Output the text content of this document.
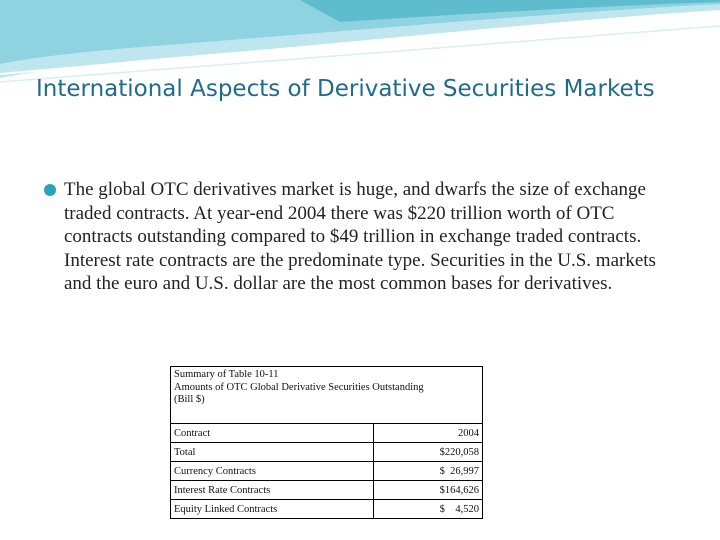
International Aspects of Derivative Securities Markets
The global OTC derivatives market is huge, and dwarfs the size of exchange traded contracts. At year-end 2004 there was $220 trillion worth of OTC contracts outstanding compared to $49 trillion in exchange traded contracts. Interest rate contracts are the predominate type. Securities in the U.S. markets and the euro and U.S. dollar are the most common bases for derivatives.
Summary of Table 10-11
Amounts of OTC Global Derivative Securities Outstanding
(Bill $)
Contract	2004
Total	$220,058
Currency Contracts	$  26,997
Interest Rate Contracts	$164,626
Equity Linked Contracts	$    4,520
